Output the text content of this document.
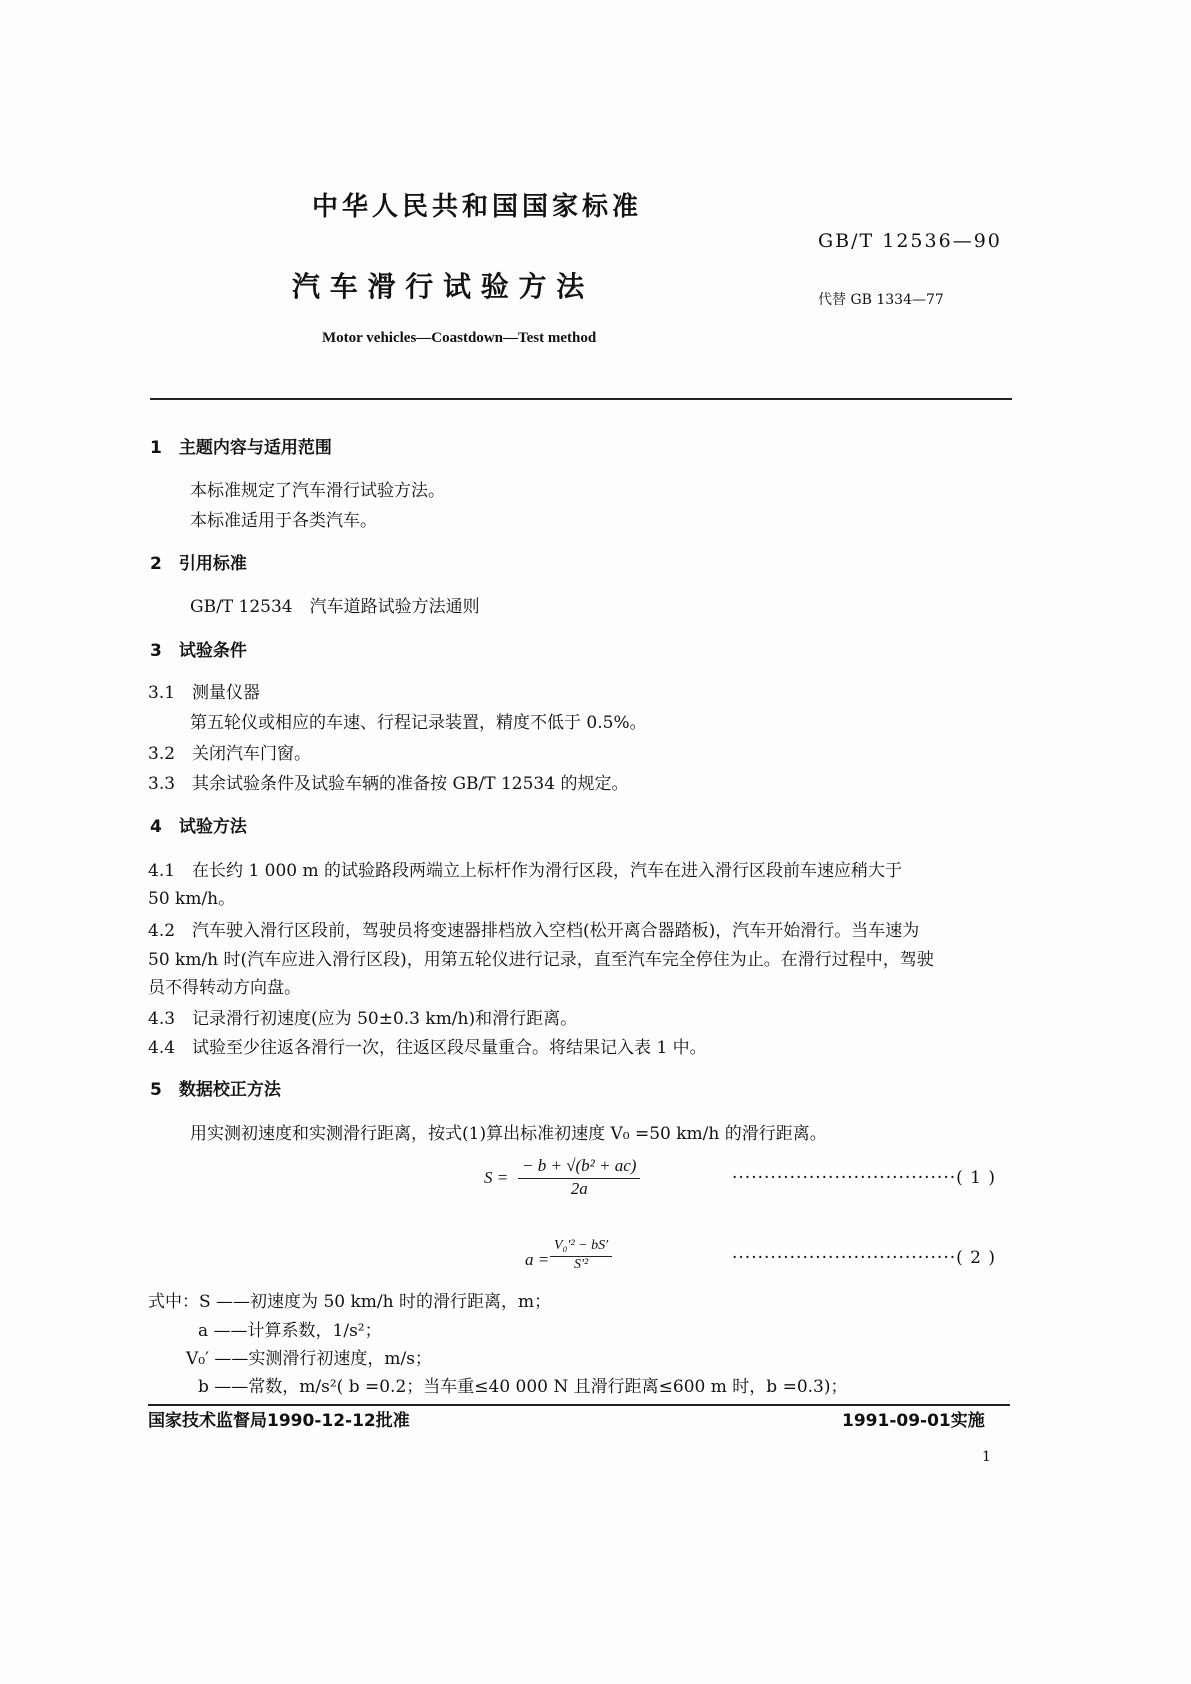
中华人民共和国国家标准
GB/T 12536—90
汽 车 滑 行 试 验 方 法	代替 GB 1334—77
Motor vehicles—Coastdown—Test method
1　 主题内容与适用范围
本标准规定了汽车滑行试验方法。
本标准适用于各类汽车。
2　 引用标准
GB/T 12534　汽车道路试验方法通则
3　 试验条件
3.1　测量仪器
第五轮仪或相应的车速、行程记录装置，精度不低于 0.5%。
3.2　关闭汽车门窗。
3.3　其余试验条件及试验车辆的准备按 GB/T 12534 的规定。
4　 试验方法
4.1　在长约 1 000 m 的试验路段两端立上标杆作为滑行区段，汽车在进入滑行区段前车速应稍大于
50 km/h。
4.2　汽车驶入滑行区段前，驾驶员将变速器排档放入空档(松开离合器踏板)，汽车开始滑行。当车速为
50 km/h 时(汽车应进入滑行区段)，用第五轮仪进行记录，直至汽车完全停住为止。在滑行过程中，驾驶
员不得转动方向盘。
4.3　记录滑行初速度(应为 50±0.3 km/h)和滑行距离。
4.4　试验至少往返各滑行一次，往返区段尽量重合。将结果记入表 1 中。
5　 数据校正方法
用实测初速度和实测滑行距离，按式(1)算出标准初速度 V₀ =50 km/h 的滑行距离。
$S = \frac{\text{− b + √(b² + ac)}}{2a}$	···································( 1 )
$a = \frac{\text{V₀′² − bS′}}{\text{S′²}}$	···································( 2 )
式中：S ——初速度为 50 km/h 时的滑行距离，m；
a ——计算系数，1/s²；
V₀′ ——实测滑行初速度，m/s；
b ——常数，m/s²( b =0.2；当车重≤40 000 N 且滑行距离≤600 m 时，b =0.3)；
国家技术监督局1990-12-12批准	1991-09-01实施
1
